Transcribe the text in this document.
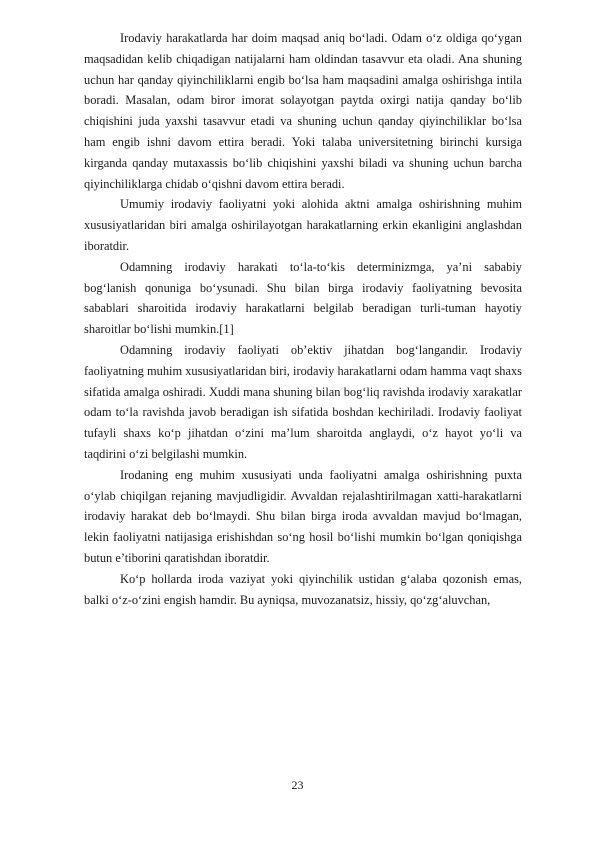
Irodaviy harakatlarda har doim maqsad aniq bo‘ladi. Odam o‘z oldiga qo‘ygan maqsadidan kelib chiqadigan natijalarni ham oldindan tasavvur eta oladi. Ana shuning uchun har qanday qiyinchiliklarni engib bo‘lsa ham maqsadini amalga oshirishga intila boradi. Masalan, odam biror imorat solayotgan paytda oxirgi natija qanday bo‘lib chiqishini juda yaxshi tasavvur etadi va shuning uchun qanday qiyinchiliklar bo‘lsa ham engib ishni davom ettira beradi. Yoki talaba universitetning birinchi kursiga kirganda qanday mutaxassis bo‘lib chiqishini yaxshi biladi va shuning uchun barcha qiyinchiliklarga chidab o‘qishni davom ettira beradi.

Umumiy irodaviy faoliyatni yoki alohida aktni amalga oshirishning muhim xususiyatlaridan biri amalga oshirilayotgan harakatlarning erkin ekanligini anglashdan iboratdir.

Odamning irodaviy harakati to‘la-to‘kis determinizmga, ya’ni sababiy bog‘lanish qonuniga bo‘ysunadi. Shu bilan birga irodaviy faoliyatning bevosita sabablari sharoitida irodaviy harakatlarni belgilab beradigan turli-tuman hayotiy sharoitlar bo‘lishi mumkin.[1]

Odamning irodaviy faoliyati ob’ektiv jihatdan bog‘langandir. Irodaviy faoliyatning muhim xususiyatlaridan biri, irodaviy harakatlarni odam hamma vaqt shaxs sifatida amalga oshiradi. Xuddi mana shuning bilan bog‘liq ravishda irodaviy xarakatlar odam to‘la ravishda javob beradigan ish sifatida boshdan kechiriladi. Irodaviy faoliyat tufayli shaxs ko‘p jihatdan o‘zini ma’lum sharoitda anglaydi, o‘z hayot yo‘li va taqdirini o‘zi belgilashi mumkin.

Irodaning eng muhim xususiyati unda faoliyatni amalga oshirishning puxta o‘ylab chiqilgan rejaning mavjudligidir. Avvaldan rejalashtirilmagan xatti-harakatlarni irodaviy harakat deb bo‘lmaydi. Shu bilan birga iroda avvaldan mavjud bo‘lmagan, lekin faoliyatni natijasiga erishishdan so‘ng hosil bo‘lishi mumkin bo‘lgan qoniqishga butun e’tiborini qaratishdan iboratdir.

Ko‘p hollarda iroda vaziyat yoki qiyinchilik ustidan g‘alaba qozonish emas, balki o‘z-o‘zini engish hamdir. Bu ayniqsa, muvozanatsiz, hissiy, qo‘zg‘aluvchan,

23
